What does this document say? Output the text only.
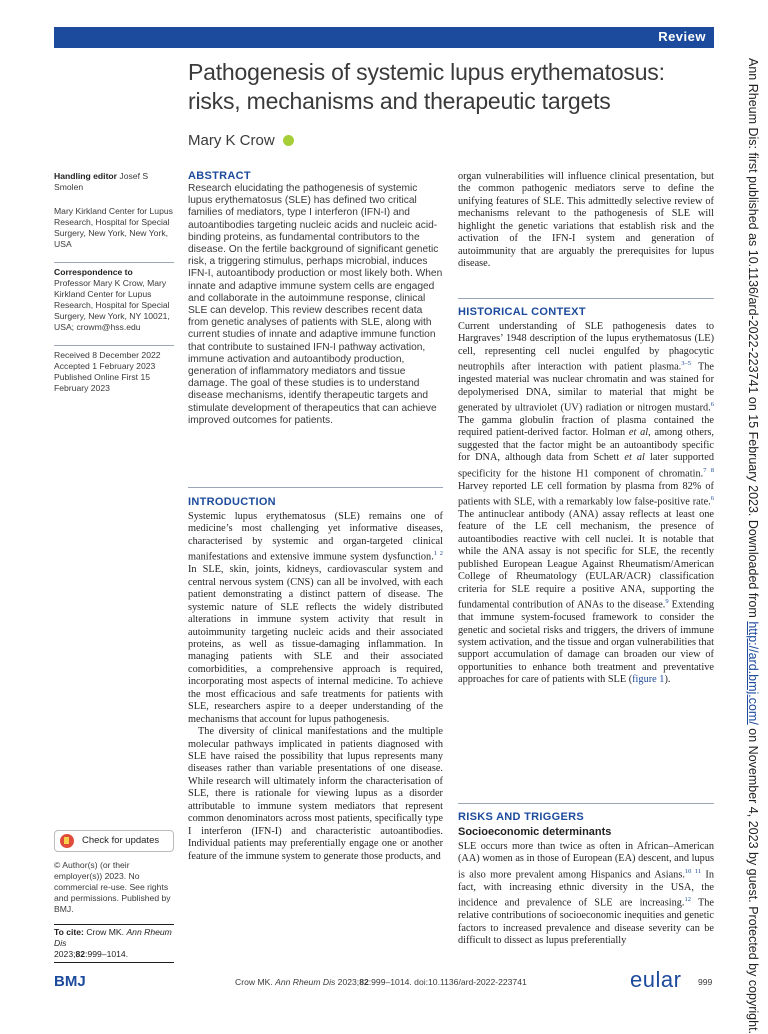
Review
Pathogenesis of systemic lupus erythematosus: risks, mechanisms and therapeutic targets
Mary K Crow
Handling editor Josef S Smolen
Mary Kirkland Center for Lupus Research, Hospital for Special Surgery, New York, New York, USA
Correspondence to
Professor Mary K Crow, Mary Kirkland Center for Lupus Research, Hospital for Special Surgery, New York, NY 10021, USA; crowm@hss.edu
Received 8 December 2022
Accepted 1 February 2023
Published Online First 15 February 2023
Check for updates
© Author(s) (or their employer(s)) 2023. No commercial re-use. See rights and permissions. Published by BMJ.
To cite: Crow MK. Ann Rheum Dis
2023;82:999–1014.
ABSTRACT
Research elucidating the pathogenesis of systemic lupus erythematosus (SLE) has defined two critical families of mediators, type I interferon (IFN-I) and autoantibodies targeting nucleic acids and nucleic acid-binding proteins, as fundamental contributors to the disease. On the fertile background of significant genetic risk, a triggering stimulus, perhaps microbial, induces IFN-I, autoantibody production or most likely both. When innate and adaptive immune system cells are engaged and collaborate in the autoimmune response, clinical SLE can develop. This review describes recent data from genetic analyses of patients with SLE, along with current studies of innate and adaptive immune function that contribute to sustained IFN-I pathway activation, immune activation and autoantibody production, generation of inflammatory mediators and tissue damage. The goal of these studies is to understand disease mechanisms, identify therapeutic targets and stimulate development of therapeutics that can achieve improved outcomes for patients.
INTRODUCTION
Systemic lupus erythematosus (SLE) remains one of medicine’s most challenging yet informative diseases, characterised by systemic and organ-targeted clinical manifestations and extensive immune system dysfunction.$^{1 2}$ In SLE, skin, joints, kidneys, cardiovascular system and central nervous system (CNS) can all be involved, with each patient demonstrating a distinct pattern of disease. The systemic nature of SLE reflects the widely distributed alterations in immune system activity that result in autoimmunity targeting nucleic acids and their associated proteins, as well as tissue-damaging inflammation. In managing patients with SLE and their associated comorbidities, a comprehensive approach is required, incorporating most aspects of internal medicine. To achieve the most efficacious and safe treatments for patients with SLE, researchers aspire to a deeper understanding of the mechanisms that account for lupus pathogenesis.
The diversity of clinical manifestations and the multiple molecular pathways implicated in patients diagnosed with SLE have raised the possibility that lupus represents many diseases rather than variable presentations of one disease. While research will ultimately inform the characterisation of SLE, there is rationale for viewing lupus as a disorder attributable to immune system mediators that represent common denominators across most patients, specifically type I interferon (IFN-I) and characteristic autoantibodies. Individual patients may preferentially engage one or another feature of the immune system to generate those products, and
organ vulnerabilities will influence clinical presentation, but the common pathogenic mediators serve to define the unifying features of SLE. This admittedly selective review of mechanisms relevant to the pathogenesis of SLE will highlight the genetic variations that establish risk and the activation of the IFN-I system and generation of autoimmunity that are arguably the prerequisites for lupus disease.
HISTORICAL CONTEXT
Current understanding of SLE pathogenesis dates to Hargraves’ 1948 description of the lupus erythematosus (LE) cell, representing cell nuclei engulfed by phagocytic neutrophils after interaction with patient plasma.$^{3-5}$ The ingested material was nuclear chromatin and was stained for depolymerised DNA, similar to material that might be generated by ultraviolet (UV) radiation or nitrogen mustard.$^6$ The gamma globulin fraction of plasma contained the required patient-derived factor. Holman et al, among others, suggested that the factor might be an autoantibody specific for DNA, although data from Schett et al later supported specificity for the histone H1 component of chromatin.$^{7 8}$ Harvey reported LE cell formation by plasma from 82% of patients with SLE, with a remarkably low false-positive rate.$^6$ The antinuclear antibody (ANA) assay reflects at least one feature of the LE cell mechanism, the presence of autoantibodies reactive with cell nuclei. It is notable that while the ANA assay is not specific for SLE, the recently published European League Against Rheumatism/American College of Rheumatology (EULAR/ACR) classification criteria for SLE require a positive ANA, supporting the fundamental contribution of ANAs to the disease.$^9$ Extending that immune system-focused framework to consider the genetic and societal risks and triggers, the drivers of immune system activation, and the tissue and organ vulnerabilities that support accumulation of damage can broaden our view of opportunities to enhance both treatment and preventative approaches for care of patients with SLE (figure 1).
RISKS AND TRIGGERS
Socioeconomic determinants
SLE occurs more than twice as often in African–American (AA) women as in those of European (EA) descent, and lupus is also more prevalent among Hispanics and Asians.$^{10 11}$ In fact, with increasing ethnic diversity in the USA, the incidence and prevalence of SLE are increasing.$^{12}$ The relative contributions of socioeconomic inequities and genetic factors to increased prevalence and disease severity can be difficult to dissect as lupus preferentially
BMJ	Crow MK. Ann Rheum Dis 2023;82:999–1014. doi:10.1136/ard-2022-223741	eular 999
Ann Rheum Dis: first published as 10.1136/ard-2022-223741 on 15 February 2023. Downloaded from http://ard.bmj.com/ on November 4, 2023 by guest. Protected by copyright.
